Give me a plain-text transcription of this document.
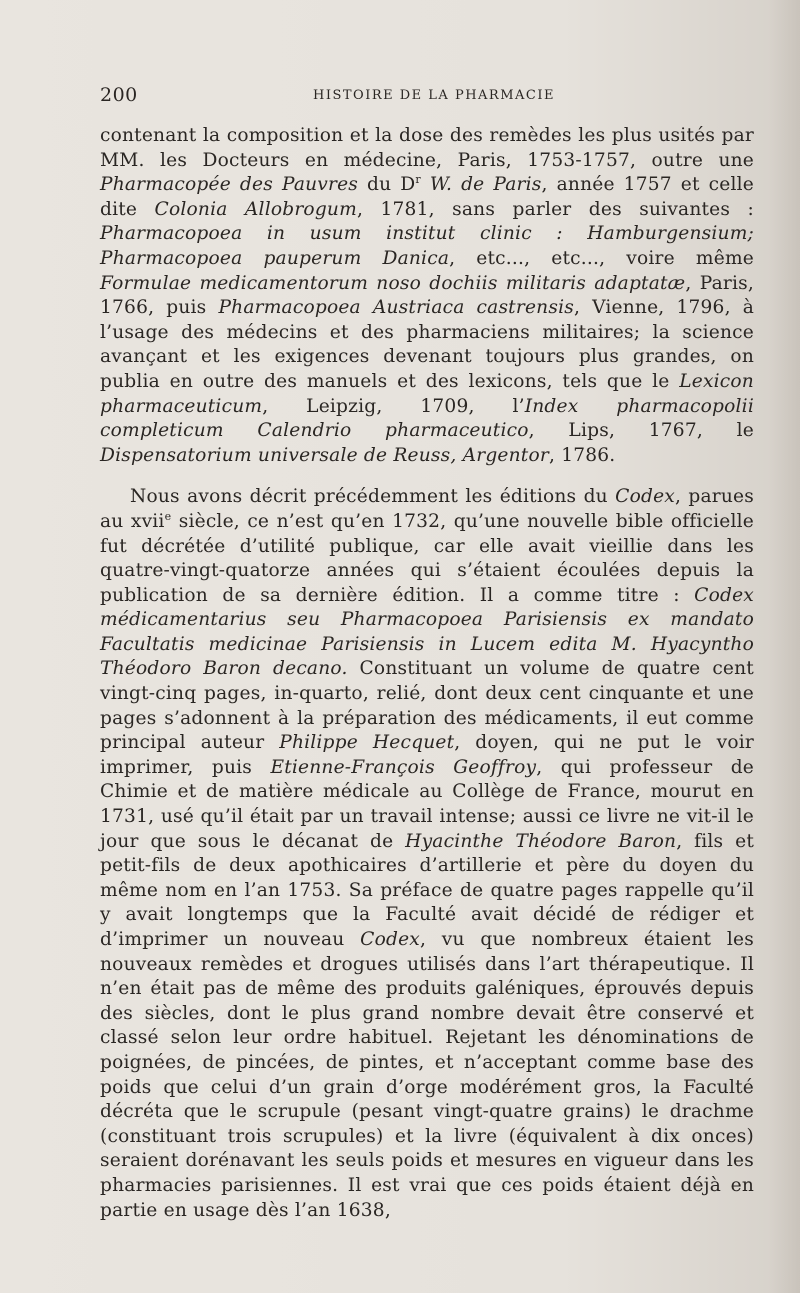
200	HISTOIRE DE LA PHARMACIE

contenant la composition et la dose des remèdes les plus usités par MM. les Docteurs en médecine, Paris, 1753-1757, outre une Pharmacopée des Pauvres du $D^r$ W. de Paris, année 1757 et celle dite Colonia Allobrogum, 1781, sans parler des suivantes : Pharmacopoea in usum institut clinic : Hamburgensium; Pharmacopoea pauperum Danica, etc..., etc..., voire même Formulae medicamentorum noso dochiis militaris adaptatæ, Paris, 1766, puis Pharmacopoea Austriaca castrensis, Vienne, 1796, à l’usage des médecins et des pharmaciens militaires; la science avançant et les exigences devenant toujours plus grandes, on publia en outre des manuels et des lexicons, tels que le Lexicon pharmaceuticum, Leipzig, 1709, l’Index pharmacopolii completicum Calendrio pharmaceutico, Lips, 1767, le Dispensatorium universale de Reuss, Argentor, 1786.

Nous avons décrit précédemment les éditions du Codex, parues au xvii$^e$ siècle, ce n’est qu’en 1732, qu’une nouvelle bible officielle fut décrétée d’utilité publique, car elle avait vieillie dans les quatre-vingt-quatorze années qui s’étaient écoulées depuis la publication de sa dernière édition. Il a comme titre : Codex médicamentarius seu Pharmacopoea Parisiensis ex mandato Facultatis medicinae Parisiensis in Lucem edita M. Hyacyntho Théodoro Baron decano. Constituant un volume de quatre cent vingt-cinq pages, in-quarto, relié, dont deux cent cinquante et une pages s’adonnent à la préparation des médicaments, il eut comme principal auteur Philippe Hecquet, doyen, qui ne put le voir imprimer, puis Etienne-François Geoffroy, qui professeur de Chimie et de matière médicale au Collège de France, mourut en 1731, usé qu’il était par un travail intense; aussi ce livre ne vit-il le jour que sous le décanat de Hyacinthe Théodore Baron, fils et petit-fils de deux apothicaires d’artillerie et père du doyen du même nom en l’an 1753. Sa préface de quatre pages rappelle qu’il y avait longtemps que la Faculté avait décidé de rédiger et d’imprimer un nouveau Codex, vu que nombreux étaient les nouveaux remèdes et drogues utilisés dans l’art thérapeutique. Il n’en était pas de même des produits galéniques, éprouvés depuis des siècles, dont le plus grand nombre devait être conservé et classé selon leur ordre habituel. Rejetant les dénominations de poignées, de pincées, de pintes, et n’acceptant comme base des poids que celui d’un grain d’orge modérément gros, la Faculté décréta que le scrupule (pesant vingt-quatre grains) le drachme (constituant trois scrupules) et la livre (équivalent à dix onces) seraient dorénavant les seuls poids et mesures en vigueur dans les pharmacies parisiennes. Il est vrai que ces poids étaient déjà en partie en usage dès l’an 1638,
